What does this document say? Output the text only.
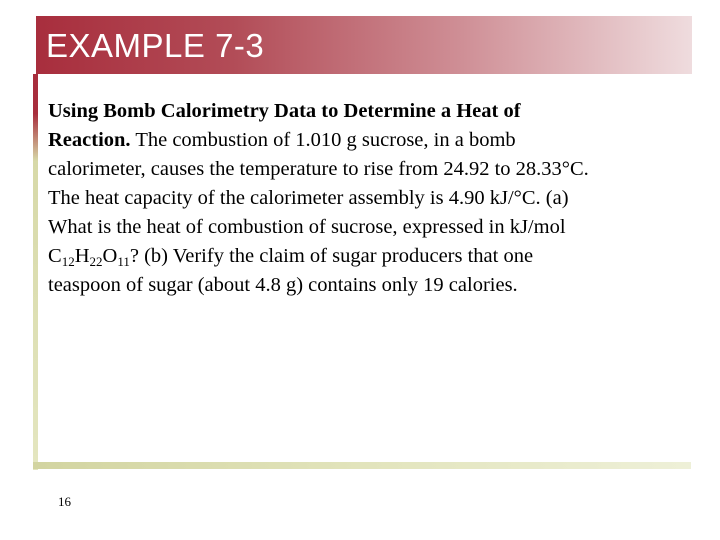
EXAMPLE 7-3
Using Bomb Calorimetry Data to Determine a Heat of
Reaction. The combustion of 1.010 g sucrose, in a bomb
calorimeter, causes the temperature to rise from 24.92 to 28.33°C.
The heat capacity of the calorimeter assembly is 4.90 kJ/°C. (a)
What is the heat of combustion of sucrose, expressed in kJ/mol
$C_{12}H_{22}O_{11}$? (b) Verify the claim of sugar producers that one
teaspoon of sugar (about 4.8 g) contains only 19 calories.
16
